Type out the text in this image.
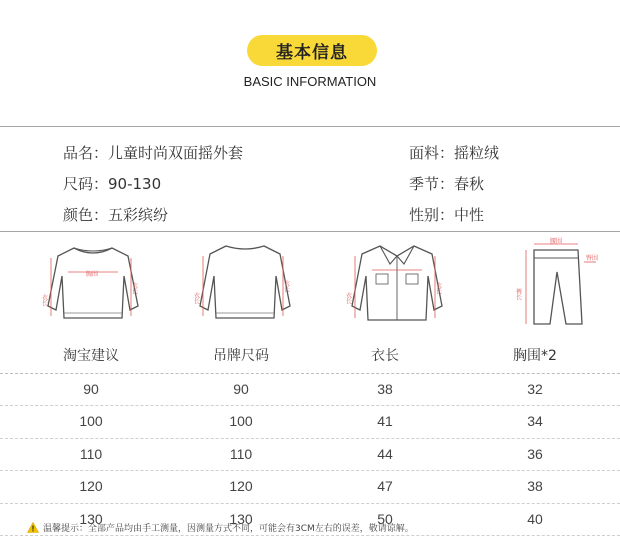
基本信息
BASIC INFORMATION
品名：儿童时尚双面摇外套
尺码：90-130
颜色：五彩缤纷
面料：摇粒绒
季节：春秋
性别：中性
胸围
衣长
衣长
衣长
衣长
衣长
衣长
腰围
臀围
裤长
淘宝建议	吊牌尺码	衣长	胸围*2
90	90	38	32
100	100	41	34
110	110	44	36
120	120	47	38
130	130	50	40
温馨提示：全部产品均由手工测量，因测量方式不同，可能会有3CM左右的误差，敬请谅解。
